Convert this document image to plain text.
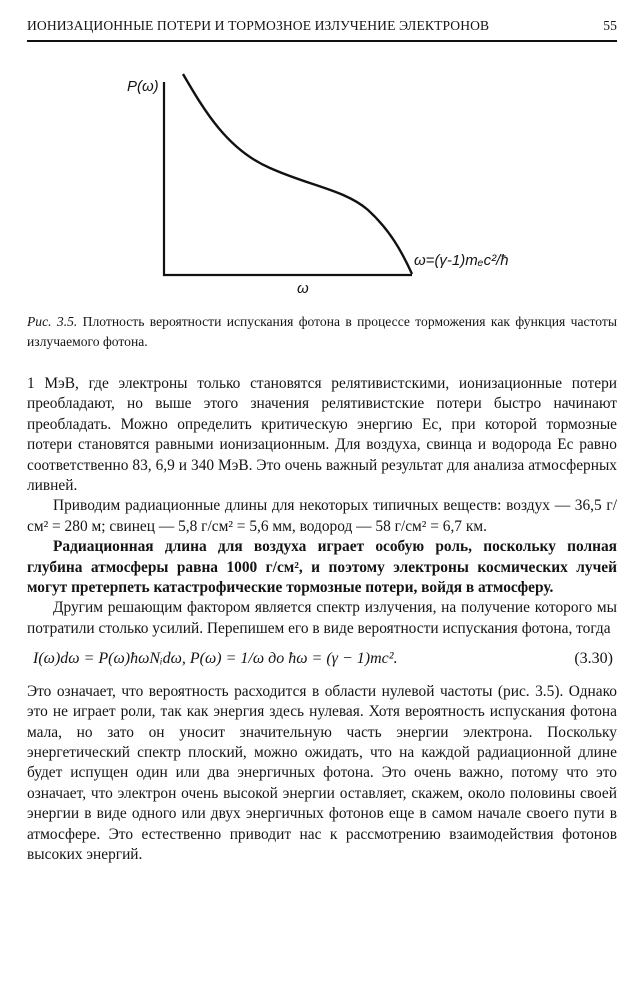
ИОНИЗАЦИОННЫЕ ПОТЕРИ И ТОРМОЗНОЕ ИЗЛУЧЕНИЕ ЭЛЕКТРОНОВ	55
P(ω)
ω
ω=(γ-1)mₑc²/ħ
Рис. 3.5. Плотность вероятности испускания фотона в процессе торможения как функция частоты излучаемого фотона.

1 МэВ, где электроны только становятся релятивистскими, ионизационные потери преобладают, но выше этого значения релятивистские потери быстро начинают преобладать. Можно определить критическую энергию Ec, при которой тормозные потери становятся равными ионизационным. Для воздуха, свинца и водорода Ec равно соответственно 83, 6,9 и 340 МэВ. Это очень важный результат для анализа атмосферных ливней.

Приводим радиационные длины для некоторых типичных веществ: воздух — 36,5 г/см² = 280 м; свинец — 5,8 г/см² = 5,6 мм, водород — 58 г/см² = 6,7 км.

Радиационная длина для воздуха играет особую роль, поскольку полная глубина атмосферы равна 1000 г/см², и поэтому электроны космических лучей могут претерпеть катастрофические тормозные потери, войдя в атмосферу.

Другим решающим фактором является спектр излучения, на получение которого мы потратили столько усилий. Перепишем его в виде вероятности испускания фотона, тогда

I(ω)dω = P(ω)ħωNᵢdω, P(ω) = 1/ω до ħω = (γ − 1)mc².	(3.30)

Это означает, что вероятность расходится в области нулевой частоты (рис. 3.5). Однако это не играет роли, так как энергия здесь нулевая. Хотя вероятность испускания фотона мала, но зато он уносит значительную часть энергии электрона. Поскольку энергетический спектр плоский, можно ожидать, что на каждой радиационной длине будет испущен один или два энергичных фотона. Это очень важно, потому что это означает, что электрон очень высокой энергии оставляет, скажем, около половины своей энергии в виде одного или двух энергичных фотонов еще в самом начале своего пути в атмосфере. Это естественно приводит нас к рассмотрению взаимодействия фотонов высоких энергий.
